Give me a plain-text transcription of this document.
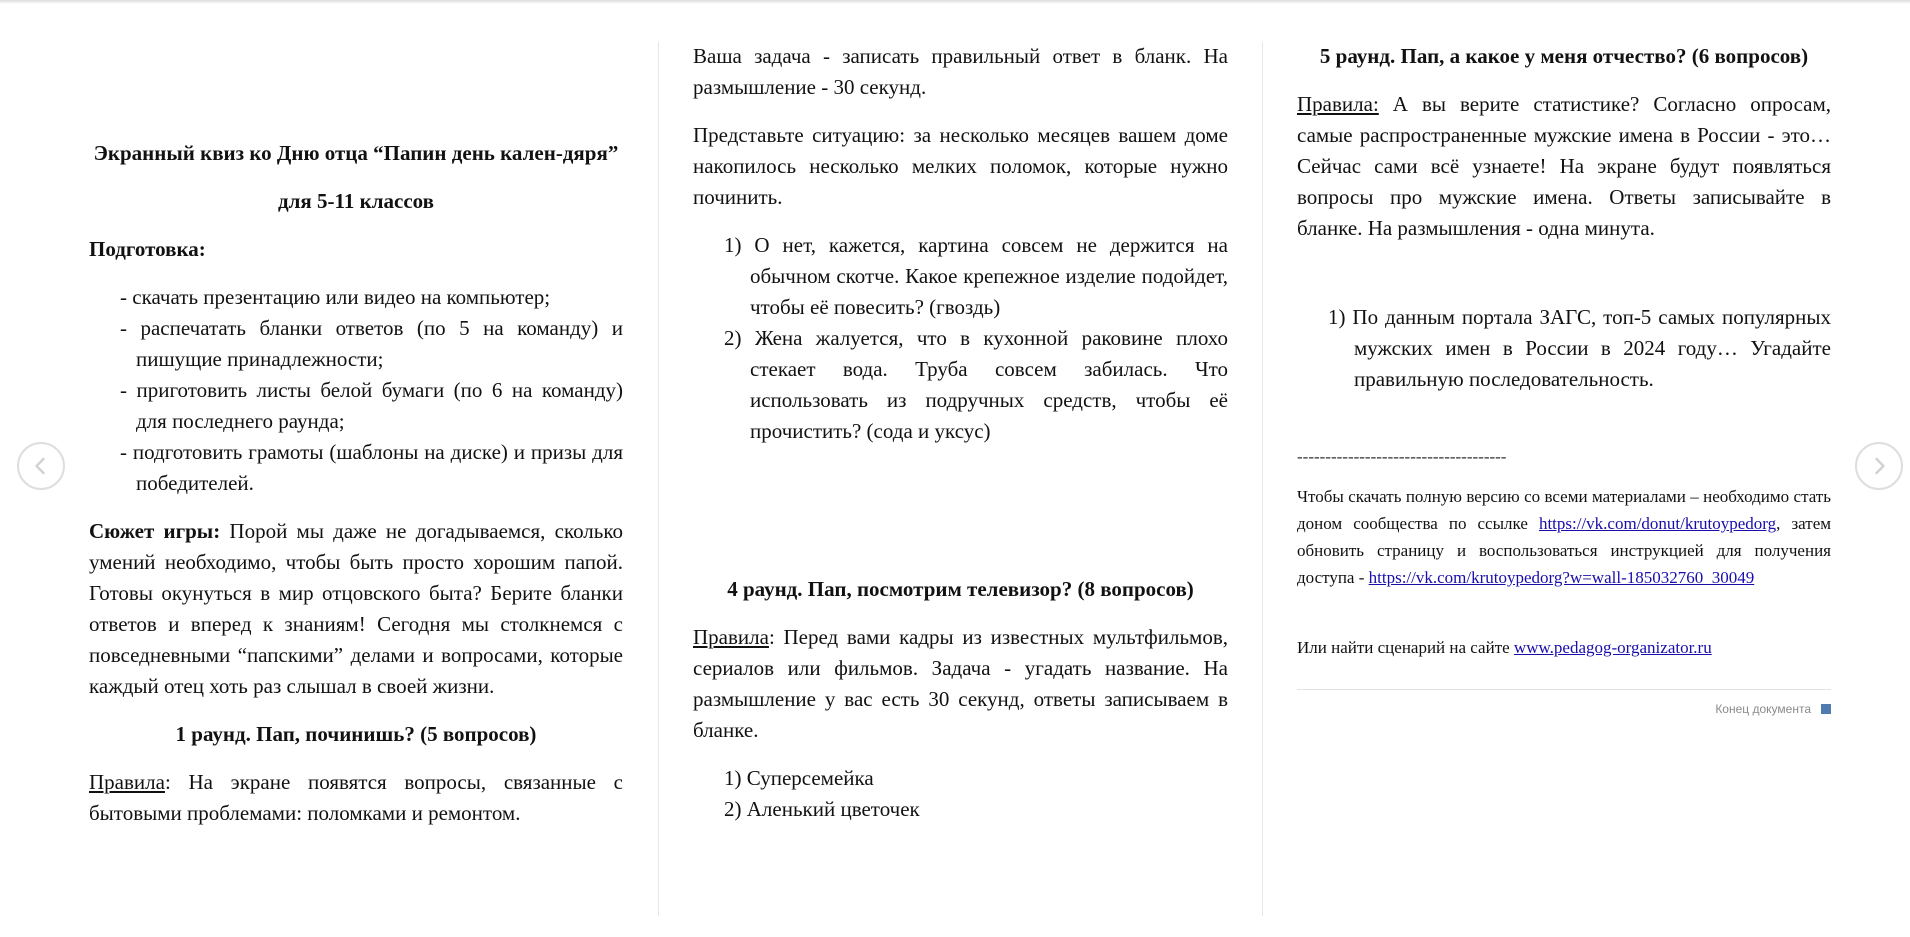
Экранный квиз ко Дню отца “Папин день кален-дяря”

для 5-11 классов

Подготовка:

- скачать презентацию или видео на компьютер;
- распечатать бланки ответов (по 5 на команду) и пишущие принадлежности;
- приготовить листы белой бумаги (по 6 на команду) для последнего раунда;
- подготовить грамоты (шаблоны на диске) и призы для победителей.

Сюжет игры: Порой мы даже не догадываемся, сколько умений необходимо, чтобы быть просто хорошим папой. Готовы окунуться в мир отцовского быта? Берите бланки ответов и вперед к знаниям! Сегодня мы столкнемся с повседневными “папскими” делами и вопросами, которые каждый отец хоть раз слышал в своей жизни.

1 раунд. Пап, починишь? (5 вопросов)

Правила: На экране появятся вопросы, связанные с бытовыми проблемами: поломками и ремонтом.

Ваша задача - записать правильный ответ в бланк. На размышление - 30 секунд.

Представьте ситуацию: за несколько месяцев вашем доме накопилось несколько мелких поломок, которые нужно починить.

1) О нет, кажется, картина совсем не держится на обычном скотче. Какое крепежное изделие подойдет, чтобы её повесить? (гвоздь)
2) Жена жалуется, что в кухонной раковине плохо стекает вода. Труба совсем забилась. Что использовать из подручных средств, чтобы её прочистить? (сода и уксус)

4 раунд. Пап, посмотрим телевизор? (8 вопросов)

Правила: Перед вами кадры из известных мультфильмов, сериалов или фильмов. Задача - угадать название. На размышление у вас есть 30 секунд, ответы записываем в бланке.

1) Суперсемейка
2) Аленький цветочек

5 раунд. Пап, а какое у меня отчество? (6 вопросов)

Правила: А вы верите статистике? Согласно опросам, самые распространенные мужские имена в России - это… Сейчас сами всё узнаете! На экране будут появляться вопросы про мужские имена. Ответы записывайте в бланке. На размышления - одна минута.

1) По данным портала ЗАГС, топ-5 самых популярных мужских имен в России в 2024 году… Угадайте правильную последовательность.
-------------------------------------

Чтобы скачать полную версию со всеми материалами – необходимо стать доном сообщества по ссылке https://vk.com/donut/krutoypedorg, затем обновить страницу и воспользоваться инструкцией для получения доступа - https://vk.com/krutoypedorg?w=wall-185032760_30049

Или найти сценарий на сайте www.pedagog-organizator.ru

Конец документа
